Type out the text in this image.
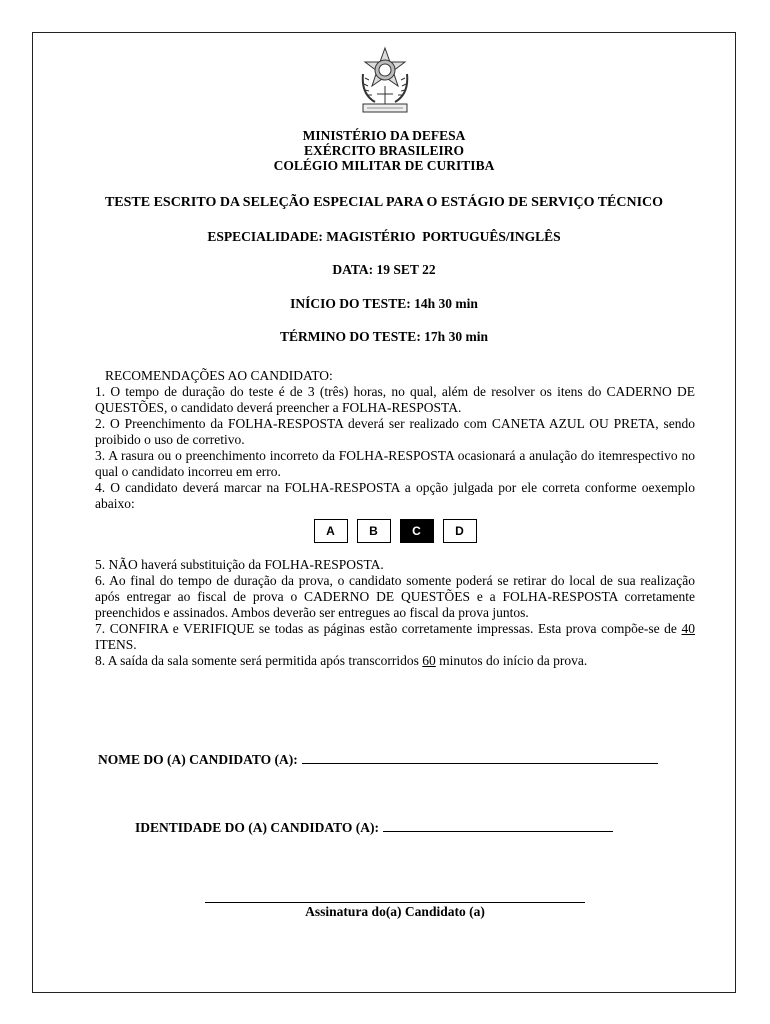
MINISTÉRIO DA DEFESA
EXÉRCITO BRASILEIRO
COLÉGIO MILITAR DE CURITIBA
TESTE ESCRITO DA SELEÇÃO ESPECIAL PARA O ESTÁGIO DE SERVIÇO TÉCNICO
ESPECIALIDADE: MAGISTÉRIO  PORTUGUÊS/INGLÊS
DATA: 19 SET 22
INÍCIO DO TESTE: 14h 30 min
TÉRMINO DO TESTE: 17h 30 min

RECOMENDAÇÕES AO CANDIDATO:

1. O tempo de duração do teste é de 3 (três) horas, no qual, além de resolver os itens do CADERNO DE QUESTÕES, o candidato deverá preencher a FOLHA-RESPOSTA.

2. O Preenchimento da FOLHA-RESPOSTA deverá ser realizado com CANETA AZUL OU PRETA, sendo proibido o uso de corretivo.

3. A rasura ou o preenchimento incorreto da FOLHA-RESPOSTA ocasionará a anulação do itemrespectivo no qual o candidato incorreu em erro.

4. O candidato deverá marcar na FOLHA-RESPOSTA a opção julgada por ele correta conforme oexemplo abaixo:

A	B	C	D

5. NÃO haverá substituição da FOLHA-RESPOSTA.

6. Ao final do tempo de duração da prova, o candidato somente poderá se retirar do local de sua realização após entregar ao fiscal de prova o CADERNO DE QUESTÕES e a FOLHA-RESPOSTA corretamente preenchidos e assinados. Ambos deverão ser entregues ao fiscal da prova juntos.

7. CONFIRA e VERIFIQUE se todas as páginas estão corretamente impressas. Esta prova compõe-se de 40 ITENS.

8. A saída da sala somente será permitida após transcorridos 60 minutos do início da prova.

NOME DO (A) CANDIDATO (A):
IDENTIDADE DO (A) CANDIDATO (A):
Assinatura do(a) Candidato (a)
